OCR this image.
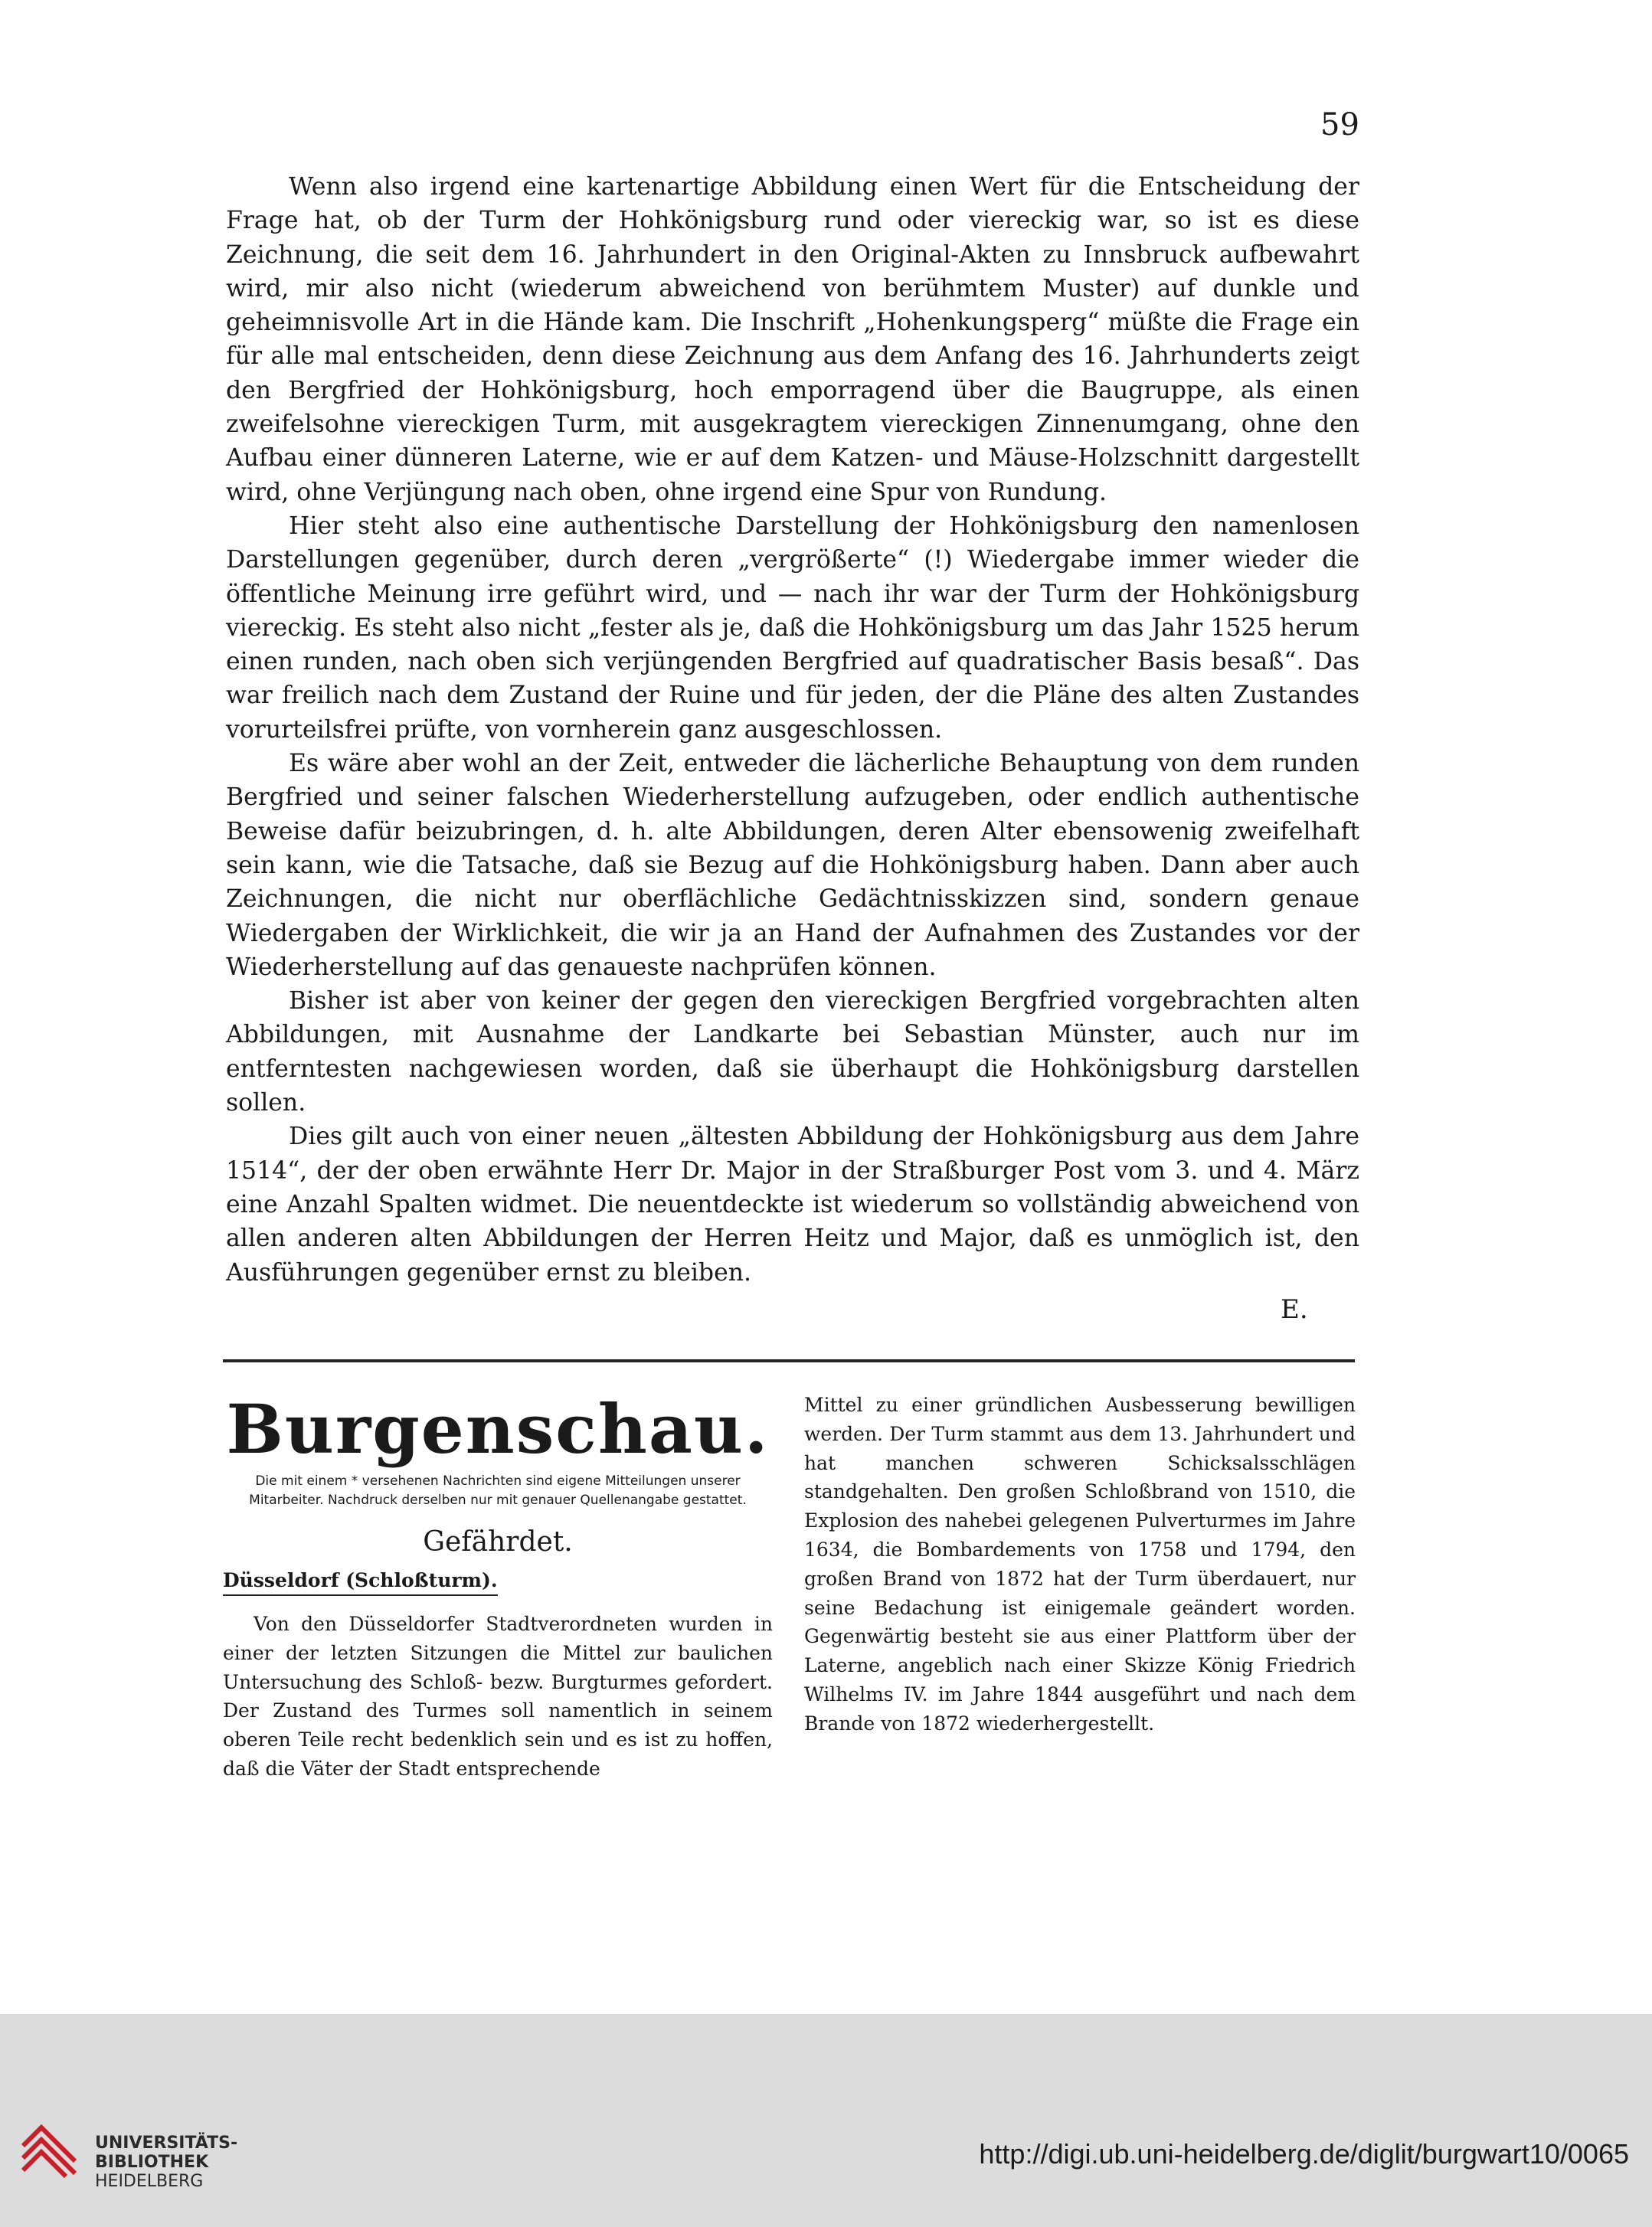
59

Wenn also irgend eine kartenartige Abbildung einen Wert für die Entscheidung der Frage hat, ob der Turm der Hohkönigsburg rund oder viereckig war, so ist es diese Zeichnung, die seit dem 16. Jahrhundert in den Original-Akten zu Innsbruck aufbewahrt wird, mir also nicht (wiederum abweichend von berühmtem Muster) auf dunkle und geheimnisvolle Art in die Hände kam. Die Inschrift „Hohenkungsperg“ müßte die Frage ein für alle mal entscheiden, denn diese Zeichnung aus dem Anfang des 16. Jahrhunderts zeigt den Bergfried der Hohkönigsburg, hoch emporragend über die Baugruppe, als einen zweifelsohne viereckigen Turm, mit ausgekragtem viereckigen Zinnenumgang, ohne den Aufbau einer dünneren Laterne, wie er auf dem Katzen- und Mäuse-Holzschnitt dargestellt wird, ohne Verjüngung nach oben, ohne irgend eine Spur von Rundung.

Hier steht also eine authentische Darstellung der Hohkönigsburg den namenlosen Darstellungen gegenüber, durch deren „vergrößerte“ (!) Wiedergabe immer wieder die öffentliche Meinung irre geführt wird, und — nach ihr war der Turm der Hohkönigsburg viereckig. Es steht also nicht „fester als je, daß die Hohkönigsburg um das Jahr 1525 herum einen runden, nach oben sich verjüngenden Bergfried auf quadratischer Basis besaß“. Das war freilich nach dem Zustand der Ruine und für jeden, der die Pläne des alten Zustandes vorurteilsfrei prüfte, von vornherein ganz ausgeschlossen.

Es wäre aber wohl an der Zeit, entweder die lächerliche Behauptung von dem runden Bergfried und seiner falschen Wiederherstellung aufzugeben, oder endlich authentische Beweise dafür beizubringen, d. h. alte Abbildungen, deren Alter ebensowenig zweifelhaft sein kann, wie die Tatsache, daß sie Bezug auf die Hohkönigsburg haben. Dann aber auch Zeichnungen, die nicht nur oberflächliche Gedächtnisskizzen sind, sondern genaue Wiedergaben der Wirklichkeit, die wir ja an Hand der Aufnahmen des Zustandes vor der Wiederherstellung auf das genaueste nachprüfen können.

Bisher ist aber von keiner der gegen den viereckigen Bergfried vorgebrachten alten Abbildungen, mit Ausnahme der Landkarte bei Sebastian Münster, auch nur im entferntesten nachgewiesen worden, daß sie überhaupt die Hohkönigsburg darstellen sollen.

Dies gilt auch von einer neuen „ältesten Abbildung der Hohkönigsburg aus dem Jahre 1514“, der der oben erwähnte Herr Dr. Major in der Straßburger Post vom 3. und 4. März eine Anzahl Spalten widmet. Die neuentdeckte ist wiederum so vollständig abweichend von allen anderen alten Abbildungen der Herren Heitz und Major, daß es unmöglich ist, den Ausführungen gegenüber ernst zu bleiben.

E.
Burgenschau.
Die mit einem * versehenen Nachrichten sind eigene Mitteilungen unserer Mitarbeiter. Nachdruck derselben nur mit genauer Quellenangabe gestattet.
Gefährdet.
Düsseldorf (Schloßturm).

Von den Düsseldorfer Stadtverordneten wurden in einer der letzten Sitzungen die Mittel zur baulichen Untersuchung des Schloß- bezw. Burgturmes gefordert. Der Zustand des Turmes soll namentlich in seinem oberen Teile recht bedenklich sein und es ist zu hoffen, daß die Väter der Stadt entsprechende

Mittel zu einer gründlichen Ausbesserung bewilligen werden. Der Turm stammt aus dem 13. Jahrhundert und hat manchen schweren Schicksalsschlägen standgehalten. Den großen Schloßbrand von 1510, die Explosion des nahebei gelegenen Pulverturmes im Jahre 1634, die Bombardements von 1758 und 1794, den großen Brand von 1872 hat der Turm überdauert, nur seine Bedachung ist einigemale geändert worden. Gegenwärtig besteht sie aus einer Plattform über der Laterne, angeblich nach einer Skizze König Friedrich Wilhelms IV. im Jahre 1844 ausgeführt und nach dem Brande von 1872 wiederhergestellt.

UNIVERSITÄTS-
BIBLIOTHEK
HEIDELBERG
http://digi.ub.uni-heidelberg.de/diglit/burgwart10/0065
